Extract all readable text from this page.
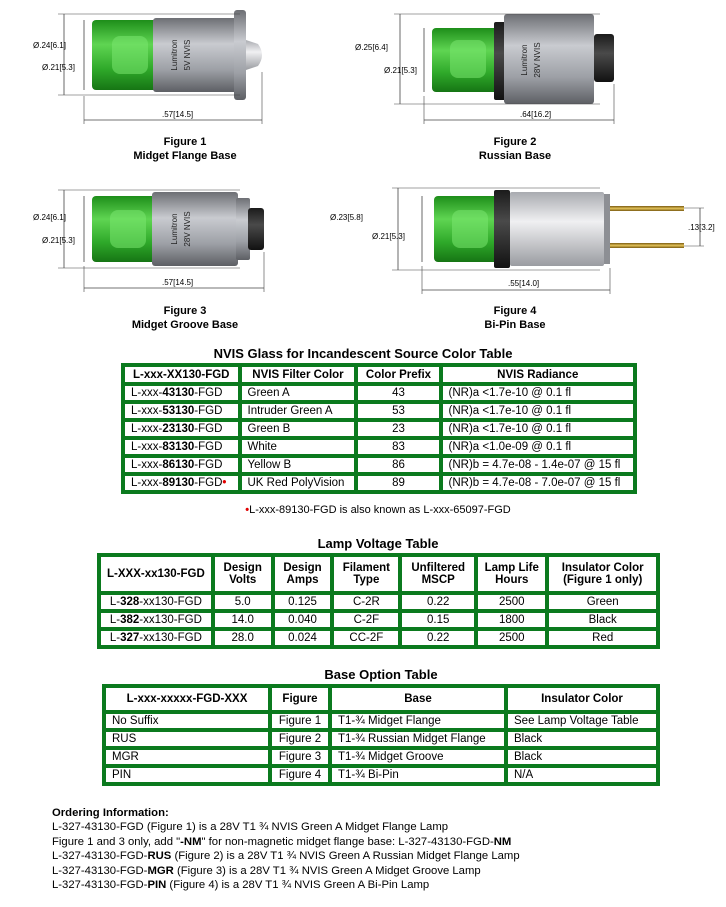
Lumitron 5V NVIS
Ø.24[6.1]
Ø.21[5.3]
.57[14.5]
Lumitron 28V NVIS
Ø.25[6.4]
Ø.21[5.3]
.64[16.2]
Lumitron 28V NVIS
Ø.24[6.1]
Ø.21[5.3]
.57[14.5]
Ø.23[5.8]
Ø.21[5.3]
.55[14.0]
.13[3.2]
Figure 1
Midget Flange Base
Figure 2
Russian Base
Figure 3
Midget Groove Base
Figure 4
Bi-Pin Base
NVIS Glass for Incandescent Source Color Table
L-xxx-XX130-FGD	NVIS Filter Color	Color Prefix	NVIS Radiance
L-xxx-43130-FGD	Green A	43	(NR)a <1.7e-10 @ 0.1 fl
L-xxx-53130-FGD	Intruder Green A	53	(NR)a <1.7e-10 @ 0.1 fl
L-xxx-23130-FGD	Green B	23	(NR)a <1.7e-10 @ 0.1 fl
L-xxx-83130-FGD	White	83	(NR)a <1.0e-09 @ 0.1 fl
L-xxx-86130-FGD	Yellow B	86	(NR)b = 4.7e-08 - 1.4e-07 @ 15 fl
L-xxx-89130-FGD•	UK Red PolyVision	89	(NR)b = 4.7e-08 - 7.0e-07 @ 15 fl
•L-xxx-89130-FGD is also known as L-xxx-65097-FGD
Lamp Voltage Table
L-XXX-xx130-FGD	Design Volts	Design Amps	Filament Type	Unfiltered MSCP	Lamp Life Hours	Insulator Color (Figure 1 only)
L-328-xx130-FGD	5.0	0.125	C-2R	0.22	2500	Green
L-382-xx130-FGD	14.0	0.040	C-2F	0.15	1800	Black
L-327-xx130-FGD	28.0	0.024	CC-2F	0.22	2500	Red
Base Option Table
L-xxx-xxxxx-FGD-XXX	Figure	Base	Insulator Color
No Suffix	Figure 1	T1-¾ Midget Flange	See Lamp Voltage Table
RUS	Figure 2	T1-¾ Russian Midget Flange	Black
MGR	Figure 3	T1-¾ Midget Groove	Black
PIN	Figure 4	T1-¾ Bi-Pin	N/A
Ordering Information:
L-327-43130-FGD (Figure 1) is a 28V T1 ¾ NVIS Green A Midget Flange Lamp
Figure 1 and 3 only, add "-NM" for non-magnetic midget flange base: L-327-43130-FGD-NM
L-327-43130-FGD-RUS (Figure 2) is a 28V T1 ¾ NVIS Green A Russian Midget Flange Lamp
L-327-43130-FGD-MGR (Figure 3) is a 28V T1 ¾ NVIS Green A Midget Groove Lamp
L-327-43130-FGD-PIN (Figure 4) is a 28V T1 ¾ NVIS Green A Bi-Pin Lamp
